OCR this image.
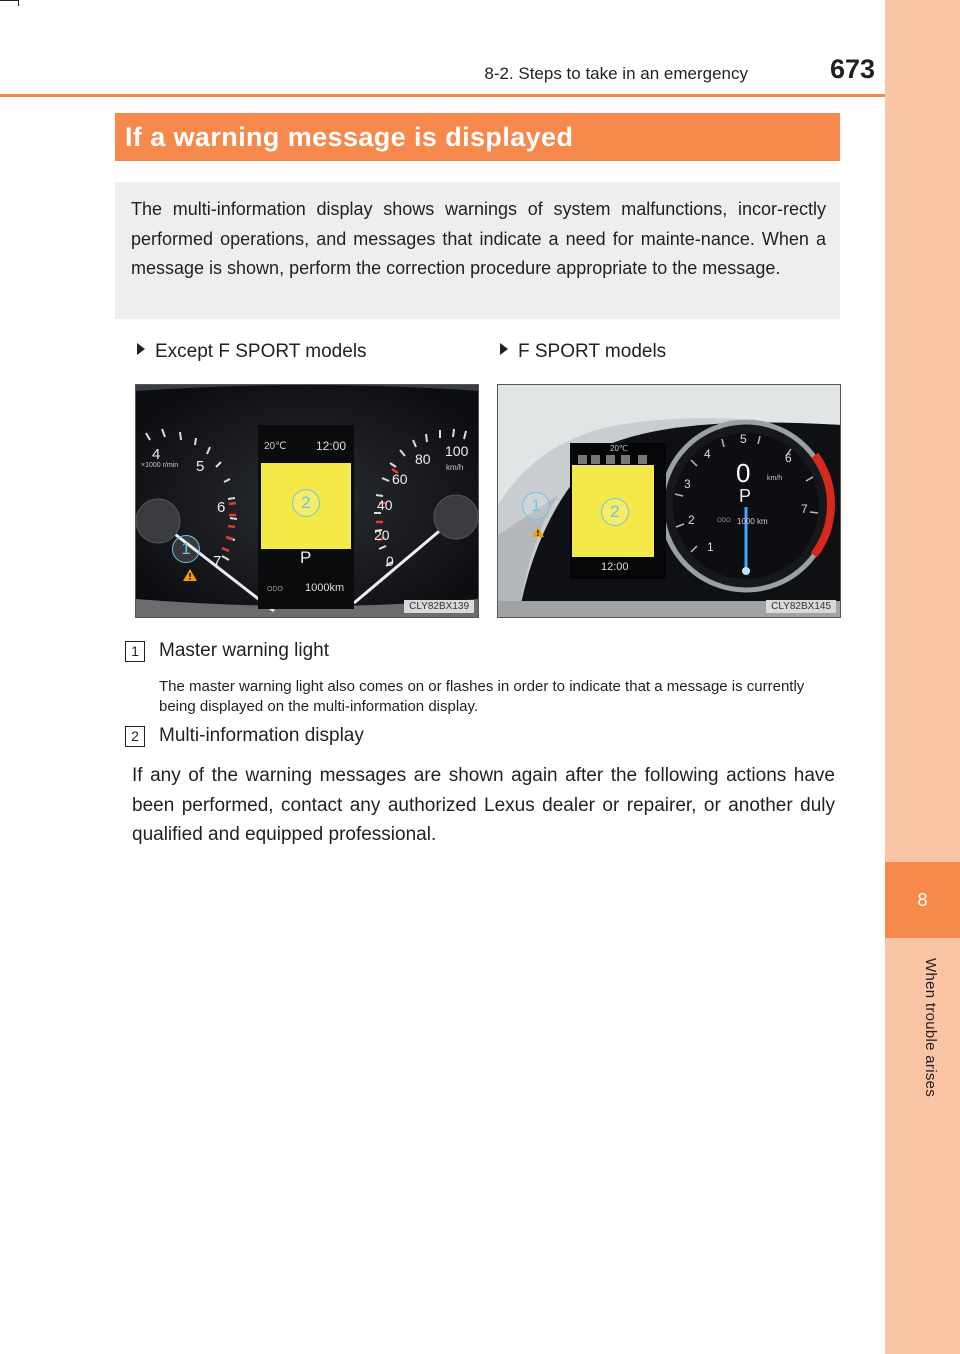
8
When trouble arises
8-2. Steps to take in an emergency	673
If a warning message is displayed
The multi-information display shows warnings of system malfunctions, incor-rectly performed operations, and messages that indicate a need for mainte-nance. When a message is shown, perform the correction procedure appropriate to the message.
Except F SPORT models	F SPORT models
20℃ 12:00
P
ODO 1000km
×1000 r/min
4
5
6
7
100
80
60
40
20
0
km/h
1
2
CLY82BX139
20℃
12:00
0
P
km/h
ODO 1000 km
1
2
3
4
5
6
7
1	2
CLY82BX145
1	Master warning light
The master warning light also comes on or flashes in order to indicate that a message is currently being displayed on the multi-information display.
2	Multi-information display
If any of the warning messages are shown again after the following actions have been performed, contact any authorized Lexus dealer or repairer, or another duly qualified and equipped professional.
